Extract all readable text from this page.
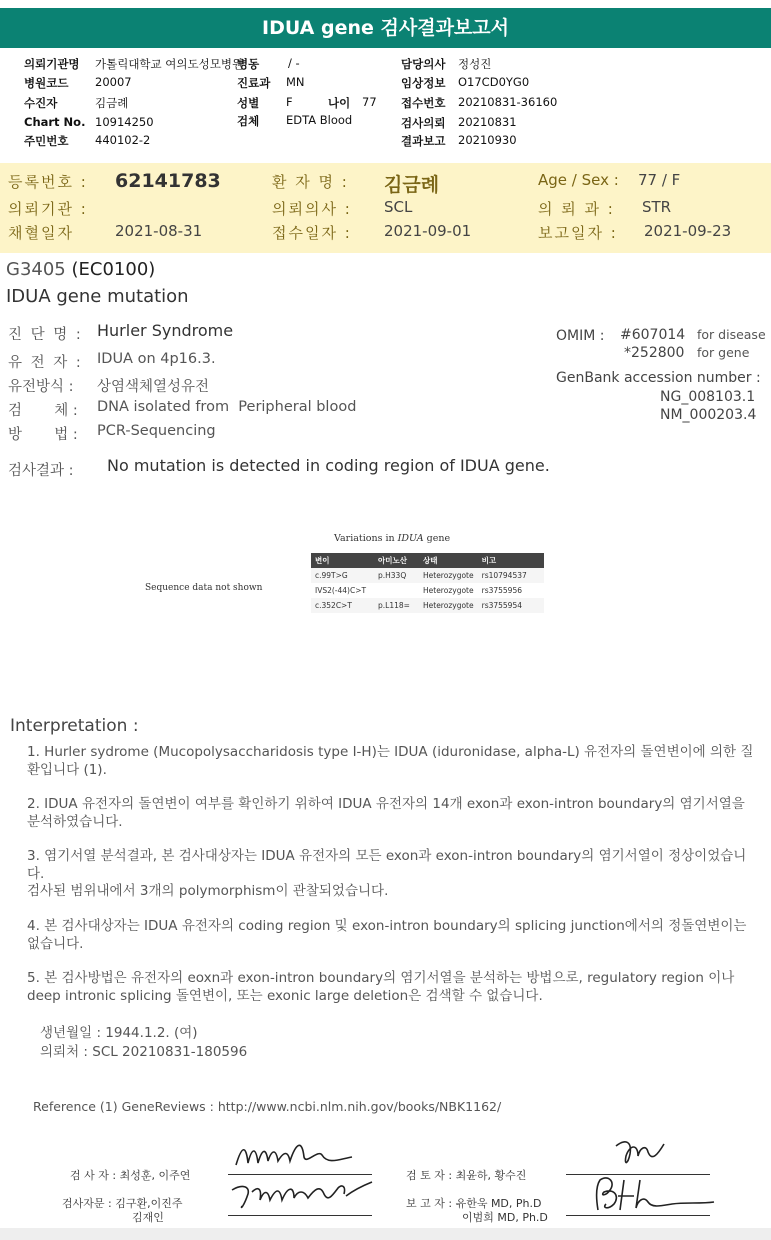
IDUA gene 검사결과보고서
의뢰기관명 가톨릭대학교 여의도성모병원
병동	/ -	담당의사 정성진
병원코드 20007	진료과 MN	임상정보 O17CD0YG0
수진자	김금례	성별 F	나이 77 접수번호 20210831-36160
Chart No. 10914250	검체 EDTA Blood	검사의뢰 20210831
주민번호 440102-2	결과보고 20210930
등록번호 : 62141783	환 자 명 : 김금례	Age / Sex : 77 / F
의뢰기관 :	의뢰의사 : SCL	의 뢰 과 : STR
채혈일자	2021-08-31	접수일자 : 2021-09-01	보고일자 : 2021-09-23
G3405 (EC0100)
IDUA gene mutation
진 단 명 : Hurler Syndrome
유 전 자 : IDUA on 4p16.3.
유전방식 : 상염색체열성유전
검       체 : DNA isolated from  Peripheral blood
방       법 : PCR-Sequencing
OMIM : #607014 for disease
*252800 for gene
GenBank accession number :
NG_008103.1
NM_000203.4
검사결과 : No mutation is detected in coding region of IDUA gene.
Variations in IDUA gene
Sequence data not shown
변이	아미노산	상태	비고
c.99T>G	p.H33Q	Heterozygote	rs10794537
IVS2(-44)C>T		Heterozygote	rs3755956
c.352C>T	p.L118=	Heterozygote	rs3755954
Interpretation :
1. Hurler sydrome (Mucopolysaccharidosis type I-H)는 IDUA (iduronidase, alpha-L) 유전자의 돌연변이에 의한 질환입니다 (1).
2. IDUA 유전자의 돌연변이 여부를 확인하기 위하여 IDUA 유전자의 14개 exon과 exon-intron boundary의 염기서열을 분석하였습니다.
3. 염기서열 분석결과, 본 검사대상자는 IDUA 유전자의 모든 exon과 exon-intron boundary의 염기서열이 정상이었습니다.
검사된 범위내에서 3개의 polymorphism이 관찰되었습니다.
4. 본 검사대상자는 IDUA 유전자의 coding region 및 exon-intron boundary의 splicing junction에서의 정돌연변이는 없습니다.
5. 본 검사방법은 유전자의 eoxn과 exon-intron boundary의 염기서열을 분석하는 방법으로, regulatory region 이나 deep intronic splicing 돌연변이, 또는 exonic large deletion은 검색할 수 없습니다.
생년월일 : 1944.1.2. (여)
의뢰처 : SCL 20210831-180596
Reference (1) GeneReviews : http://www.ncbi.nlm.nih.gov/books/NBK1162/
검 사 자 : 최성훈, 이주연	검 토 자 : 최윤하, 황수진
검사자문 : 김구환,이진주
김재인
보 고 자 : 유한욱 MD, Ph.D
이범희 MD, Ph.D
